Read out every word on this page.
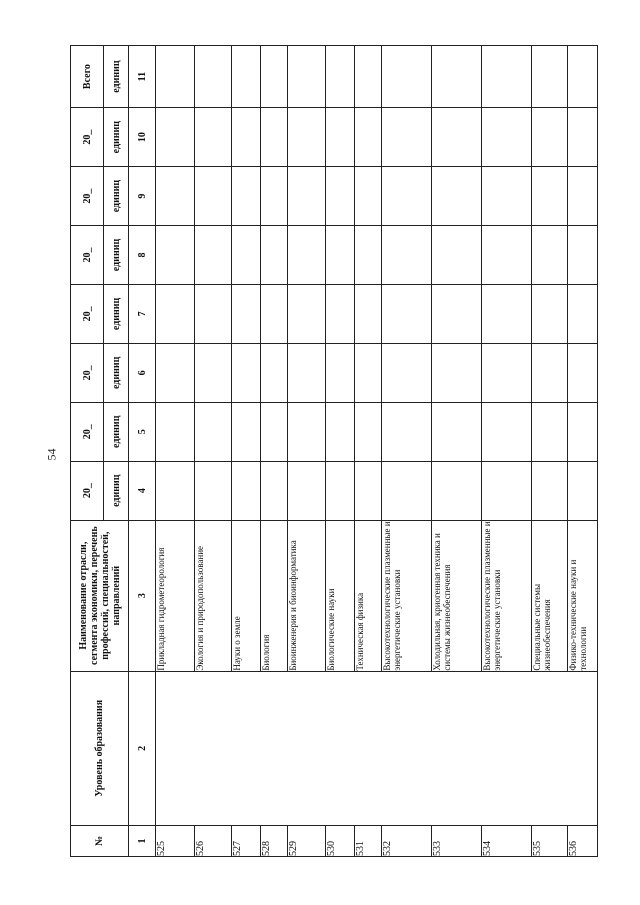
54
№	Уровень образования	Наименование отрасли, сегмента экономики, перечень профессий, специальностей, направлений	20_	20_	20_	20_	20_	20_	20_	Всего
			единиц	единиц	единиц	единиц	единиц	единиц	единиц	единиц
1	2	3	4	5	6	7	8	9	10	11
525		Прикладная гидрометеорология								
526		Экология и природопользование								
527		Науки о земле								
528		Биология								
529		Биоинженерия и биоинформатика								
530		Биологические науки								
531		Техническая физика								
532		Высокотехнологические плазменные и энергетические установки								
533		Холодильная, криогенная техника и системы жизнеобеспечения								
534		Высокотехнологические плазменные и энергетические установки								
535		Специальные системы жизнеобеспечения								
536		Физико-технические науки и технологии								
